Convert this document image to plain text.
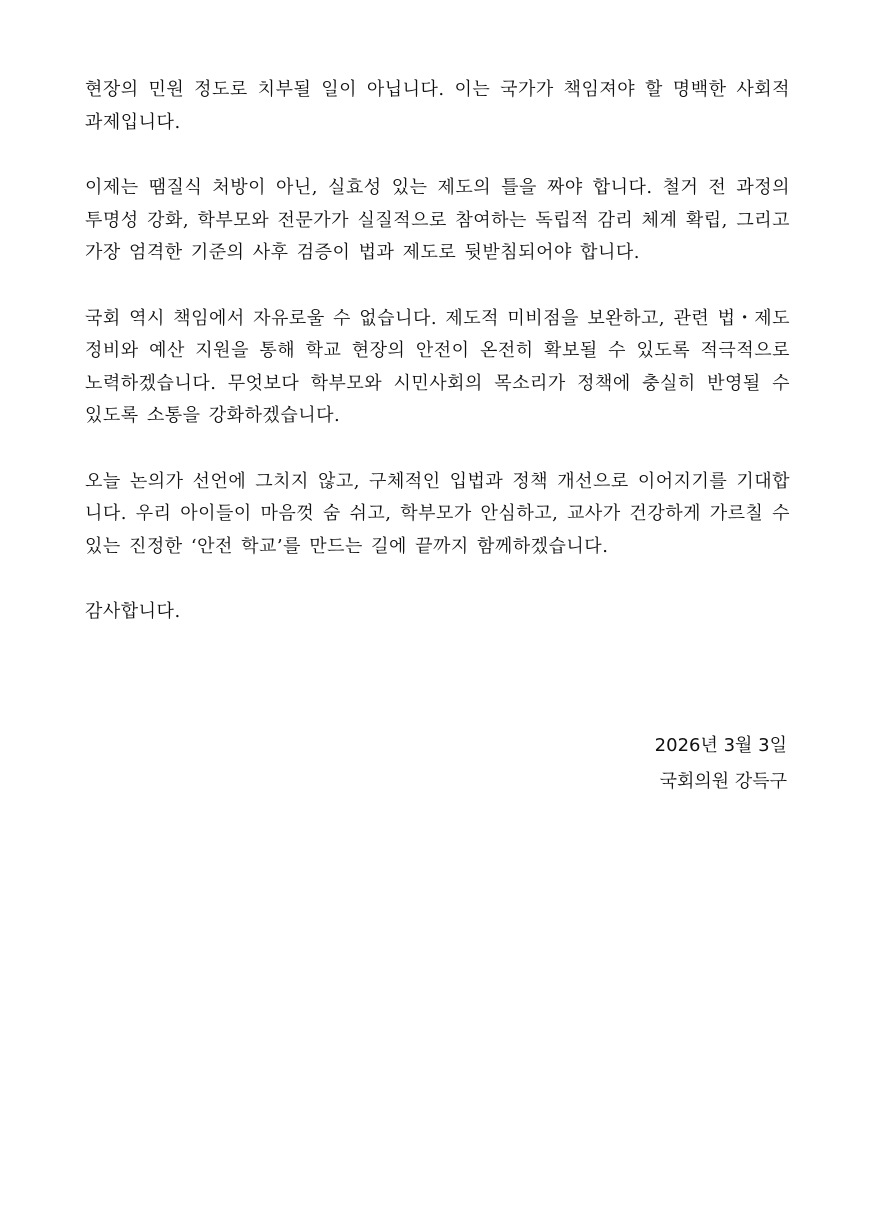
현장의 민원 정도로 치부될 일이 아닙니다. 이는 국가가 책임져야 할 명백한 사회적 과제입니다.

이제는 땜질식 처방이 아닌, 실효성 있는 제도의 틀을 짜야 합니다. 철거 전 과정의 투명성 강화, 학부모와 전문가가 실질적으로 참여하는 독립적 감리 체계 확립, 그리고 가장 엄격한 기준의 사후 검증이 법과 제도로 뒷받침되어야 합니다.

국회 역시 책임에서 자유로울 수 없습니다. 제도적 미비점을 보완하고, 관련 법・제도 정비와 예산 지원을 통해 학교 현장의 안전이 온전히 확보될 수 있도록 적극적으로 노력하겠습니다. 무엇보다 학부모와 시민사회의 목소리가 정책에 충실히 반영될 수 있도록 소통을 강화하겠습니다.

오늘 논의가 선언에 그치지 않고, 구체적인 입법과 정책 개선으로 이어지기를 기대합니다. 우리 아이들이 마음껏 숨 쉬고, 학부모가 안심하고, 교사가 건강하게 가르칠 수 있는 진정한 ‘안전 학교’를 만드는 길에 끝까지 함께하겠습니다.

감사합니다.

2026년 3월 3일
국회의원 강득구
